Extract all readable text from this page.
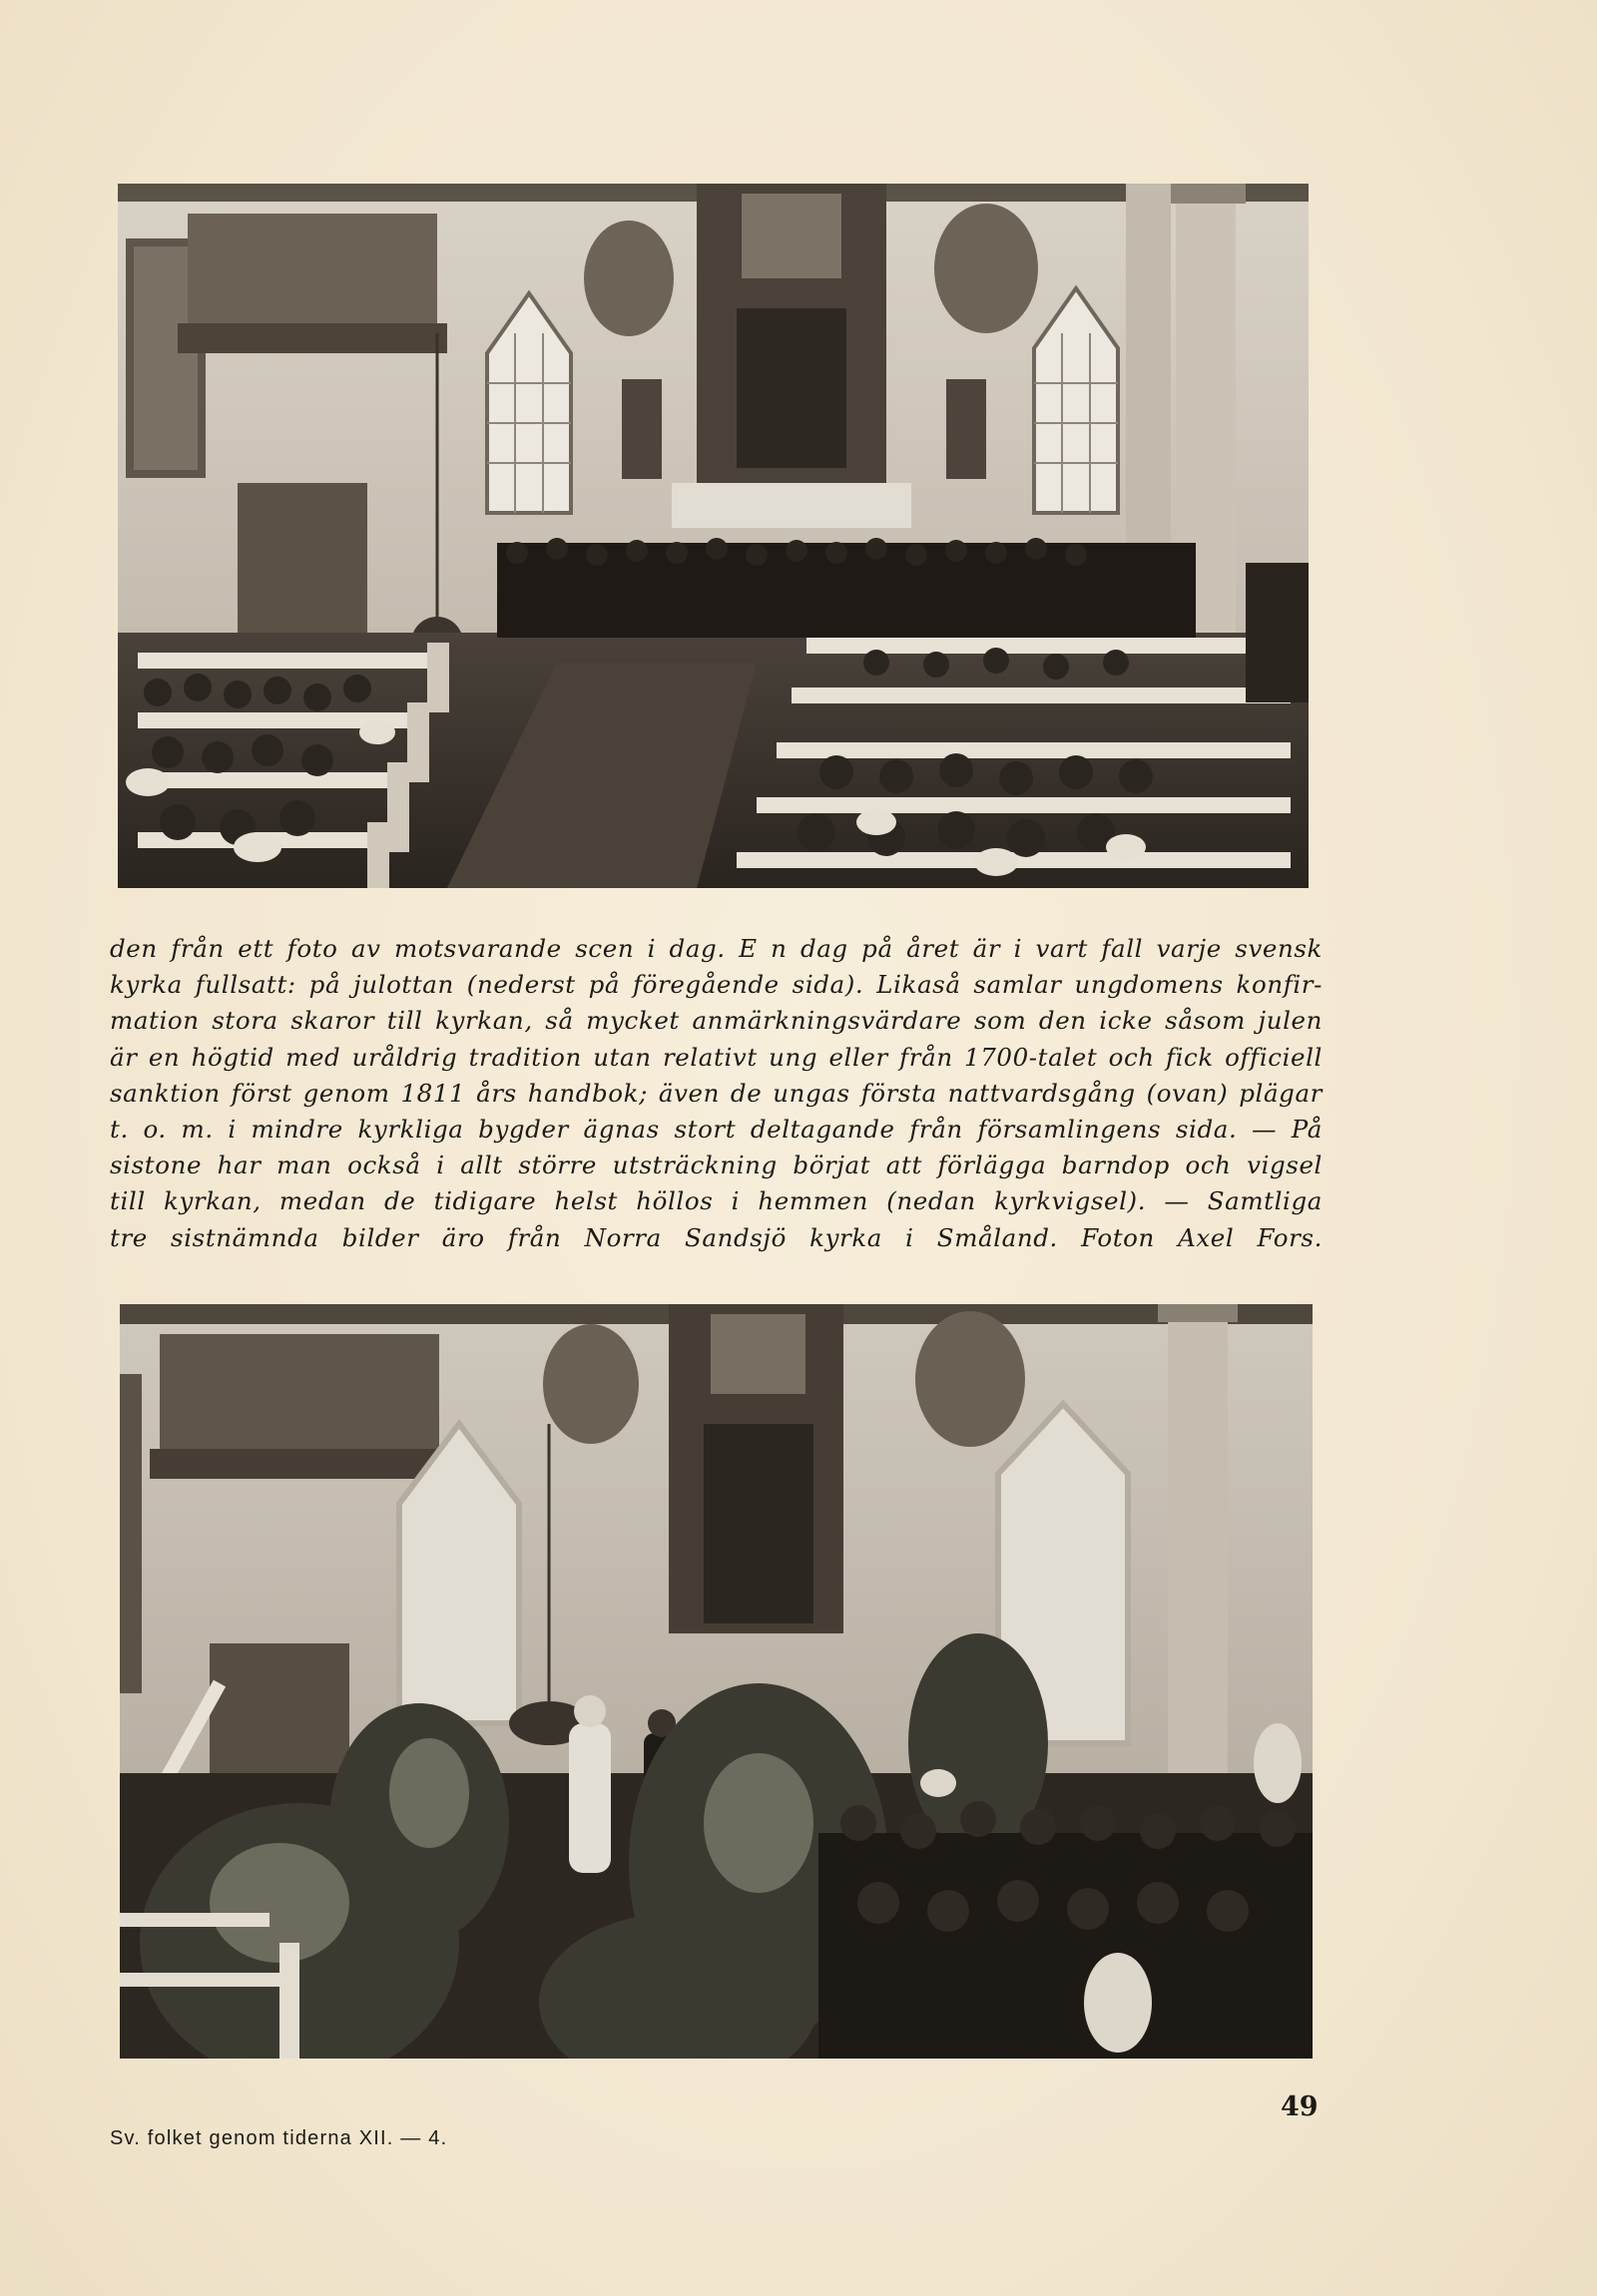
den från ett foto av motsvarande scen i dag. E n dag på året är i vart fall varje svensk
kyrka fullsatt: på julottan (nederst på föregående sida). Likaså samlar ungdomens konfir-
mation stora skaror till kyrkan, så mycket anmärkningsvärdare som den icke såsom julen
är en högtid med uråldrig tradition utan relativt ung eller från 1700-talet och fick officiell
sanktion först genom 1811 års handbok; även de ungas första nattvardsgång (ovan) plägar
t. o. m. i mindre kyrkliga bygder ägnas stort deltagande från församlingens sida. — På
sistone har man också i allt större utsträckning börjat att förlägga barndop och vigsel
till kyrkan, medan de tidigare helst höllos i hemmen (nedan kyrkvigsel). — Samtliga
tre sistnämnda bilder äro från Norra Sandsjö kyrka i Småland. Foton Axel Fors.
Sv. folket genom tiderna XII. — 4.
49
